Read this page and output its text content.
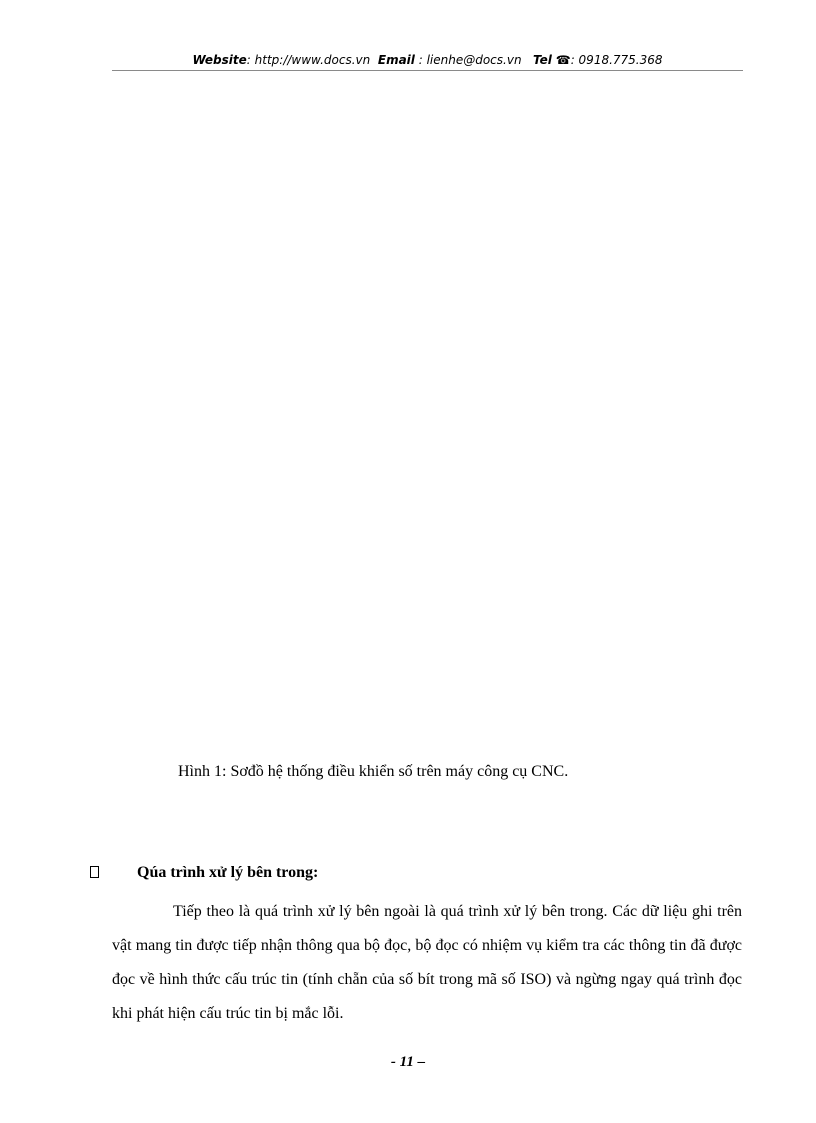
Website: http://www.docs.vn Email : lienhe@docs.vn Tel ☎: 0918.775.368
Hình 1: Sơđồ hệ thống điều khiển số trên máy công cụ CNC.
Qúa trình xử lý bên trong:

Tiếp theo là quá trình xử lý bên ngoài là quá trình xử lý bên trong. Các dữ liệu ghi trên vật mang tin được tiếp nhận thông qua bộ đọc, bộ đọc có nhiệm vụ kiểm tra các thông tin đã được đọc về hình thức cấu trúc tin (tính chẵn của số bít trong mã số ISO) và ngừng ngay quá trình đọc khi phát hiện cấu trúc tin bị mắc lỗi.

- 11 –
